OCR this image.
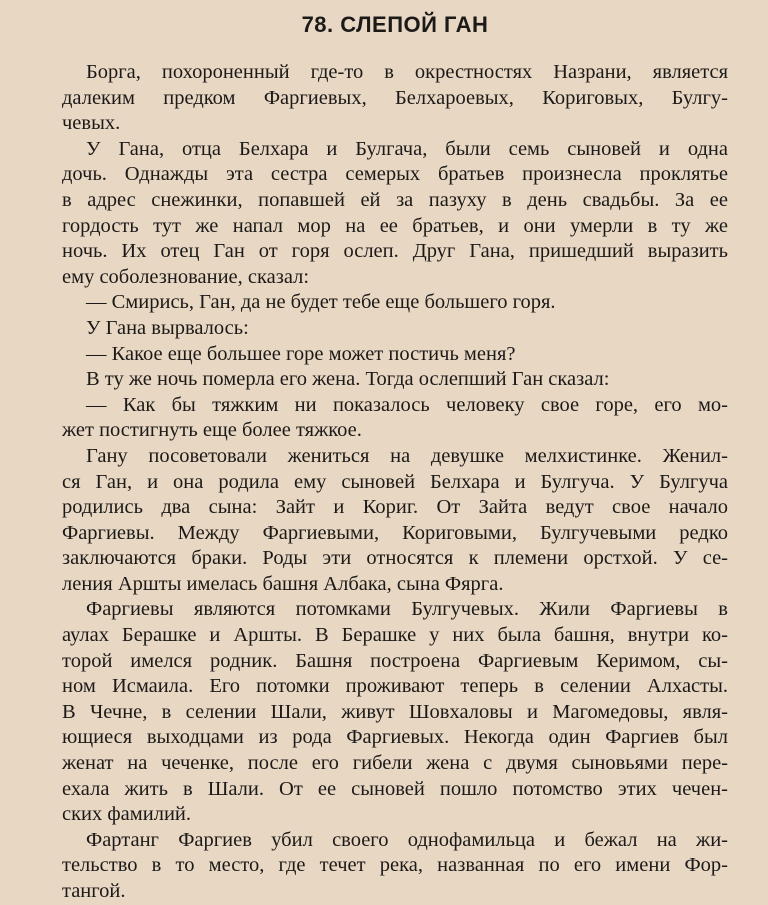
78. СЛЕПОЙ ГАН
Борга, похороненный где-то в окрестностях Назрани, является
далеким предком Фаргиевых, Белхароевых, Кориговых, Булгу-
чевых.
У Гана, отца Белхара и Булгача, были семь сыновей и одна
дочь. Однажды эта сестра семерых братьев произнесла проклятье
в адрес снежинки, попавшей ей за пазуху в день свадьбы. За ее
гордость тут же напал мор на ее братьев, и они умерли в ту же
ночь. Их отец Ган от горя ослеп. Друг Гана, пришедший выразить
ему соболезнование, сказал:
— Смирись, Ган, да не будет тебе еще большего горя.
У Гана вырвалось:
— Какое еще большее горе может постичь меня?
В ту же ночь померла его жена. Тогда ослепший Ган сказал:
— Как бы тяжким ни показалось человеку свое горе, его мо-
жет постигнуть еще более тяжкое.
Гану посоветовали жениться на девушке мелхистинке. Женил-
ся Ган, и она родила ему сыновей Белхара и Булгуча. У Булгуча
родились два сына: Зайт и Кориг. От Зайта ведут свое начало
Фаргиевы. Между Фаргиевыми, Кориговыми, Булгучевыми редко
заключаются браки. Роды эти относятся к племени орстхой. У се-
ления Аршты имелась башня Албака, сына Фярга.
Фаргиевы являются потомками Булгучевых. Жили Фаргиевы в
аулах Берашке и Аршты. В Берашке у них была башня, внутри ко-
торой имелся родник. Башня построена Фаргиевым Керимом, сы-
ном Исмаила. Его потомки проживают теперь в селении Алхасты.
В Чечне, в селении Шали, живут Шовхаловы и Магомедовы, явля-
ющиеся выходцами из рода Фаргиевых. Некогда один Фаргиев был
женат на чеченке, после его гибели жена с двумя сыновьями пере-
ехала жить в Шали. От ее сыновей пошло потомство этих чечен-
ских фамилий.
Фартанг Фаргиев убил своего однофамильца и бежал на жи-
тельство в то место, где течет река, названная по его имени Фор-
тангой.
